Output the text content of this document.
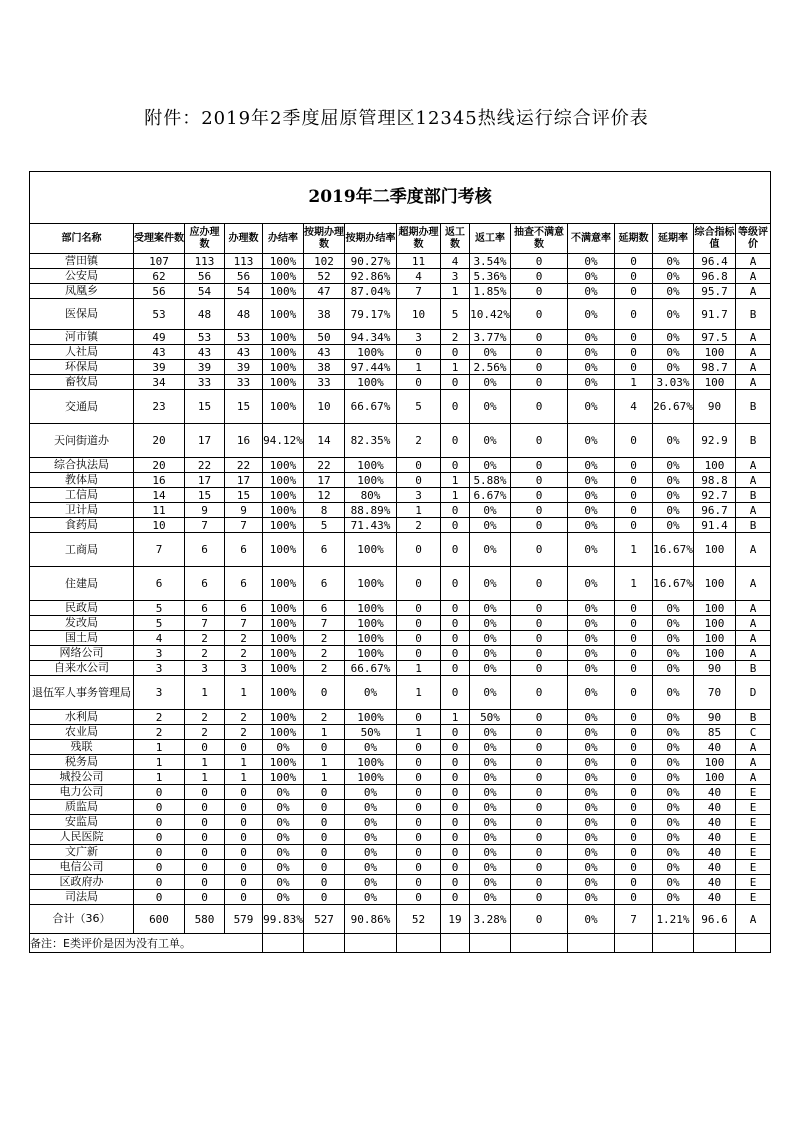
附件：2019年2季度屈原管理区12345热线运行综合评价表
2019年二季度部门考核															
部门名称	受理案件数	应办理数	办理数	办结率	按期办理数	按期办结率	超期办理数	返工数	返工率	抽查不满意数	不满意率	延期数	延期率	综合指标值	等级评价
营田镇	107	113	113	100%	102	90.27%	11	4	3.54%	0	0%	0	0%	96.4	A
公安局	62	56	56	100%	52	92.86%	4	3	5.36%	0	0%	0	0%	96.8	A
凤凰乡	56	54	54	100%	47	87.04%	7	1	1.85%	0	0%	0	0%	95.7	A
医保局	53	48	48	100%	38	79.17%	10	5	10.42%	0	0%	0	0%	91.7	B
河市镇	49	53	53	100%	50	94.34%	3	2	3.77%	0	0%	0	0%	97.5	A
人社局	43	43	43	100%	43	100%	0	0	0%	0	0%	0	0%	100	A
环保局	39	39	39	100%	38	97.44%	1	1	2.56%	0	0%	0	0%	98.7	A
畜牧局	34	33	33	100%	33	100%	0	0	0%	0	0%	1	3.03%	100	A
交通局	23	15	15	100%	10	66.67%	5	0	0%	0	0%	4	26.67%	90	B
天问街道办	20	17	16	94.12%	14	82.35%	2	0	0%	0	0%	0	0%	92.9	B
综合执法局	20	22	22	100%	22	100%	0	0	0%	0	0%	0	0%	100	A
教体局	16	17	17	100%	17	100%	0	1	5.88%	0	0%	0	0%	98.8	A
工信局	14	15	15	100%	12	80%	3	1	6.67%	0	0%	0	0%	92.7	B
卫计局	11	9	9	100%	8	88.89%	1	0	0%	0	0%	0	0%	96.7	A
食药局	10	7	7	100%	5	71.43%	2	0	0%	0	0%	0	0%	91.4	B
工商局	7	6	6	100%	6	100%	0	0	0%	0	0%	1	16.67%	100	A
住建局	6	6	6	100%	6	100%	0	0	0%	0	0%	1	16.67%	100	A
民政局	5	6	6	100%	6	100%	0	0	0%	0	0%	0	0%	100	A
发改局	5	7	7	100%	7	100%	0	0	0%	0	0%	0	0%	100	A
国土局	4	2	2	100%	2	100%	0	0	0%	0	0%	0	0%	100	A
网络公司	3	2	2	100%	2	100%	0	0	0%	0	0%	0	0%	100	A
自来水公司	3	3	3	100%	2	66.67%	1	0	0%	0	0%	0	0%	90	B
退伍军人事务管理局	3	1	1	100%	0	0%	1	0	0%	0	0%	0	0%	70	D
水利局	2	2	2	100%	2	100%	0	1	50%	0	0%	0	0%	90	B
农业局	2	2	2	100%	1	50%	1	0	0%	0	0%	0	0%	85	C
残联	1	0	0	0%	0	0%	0	0	0%	0	0%	0	0%	40	A
税务局	1	1	1	100%	1	100%	0	0	0%	0	0%	0	0%	100	A
城投公司	1	1	1	100%	1	100%	0	0	0%	0	0%	0	0%	100	A
电力公司	0	0	0	0%	0	0%	0	0	0%	0	0%	0	0%	40	E
质监局	0	0	0	0%	0	0%	0	0	0%	0	0%	0	0%	40	E
安监局	0	0	0	0%	0	0%	0	0	0%	0	0%	0	0%	40	E
人民医院	0	0	0	0%	0	0%	0	0	0%	0	0%	0	0%	40	E
文广新	0	0	0	0%	0	0%	0	0	0%	0	0%	0	0%	40	E
电信公司	0	0	0	0%	0	0%	0	0	0%	0	0%	0	0%	40	E
区政府办	0	0	0	0%	0	0%	0	0	0%	0	0%	0	0%	40	E
司法局	0	0	0	0%	0	0%	0	0	0%	0	0%	0	0%	40	E
合计（36）	600	580	579	99.83%	527	90.86%	52	19	3.28%	0	0%	7	1.21%	96.6	A
备注：E类评价是因为没有工单。															
